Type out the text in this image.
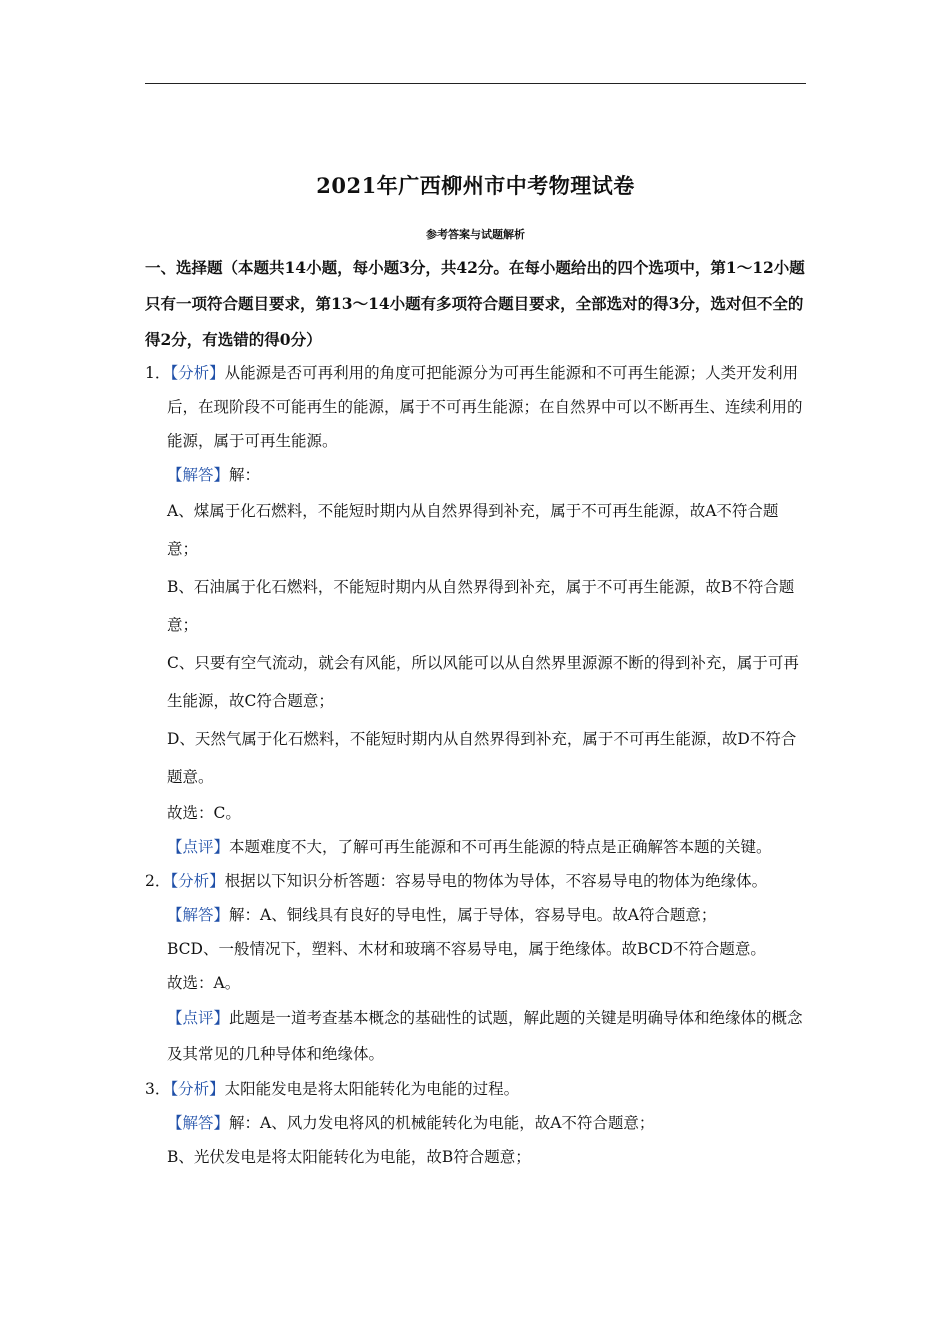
2021年广西柳州市中考物理试卷
参考答案与试题解析
一、选择题（本题共14小题，每小题3分，共42分。在每小题给出的四个选项中，第1～12小题只有一项符合题目要求，第13～14小题有多项符合题目要求，全部选对的得3分，选对但不全的得2分，有选错的得0分）
1．【分析】从能源是否可再利用的角度可把能源分为可再生能源和不可再生能源；人类开发利用后，在现阶段不可能再生的能源，属于不可再生能源；在自然界中可以不断再生、连续利用的能源，属于可再生能源。
【解答】解：
A、煤属于化石燃料，不能短时期内从自然界得到补充，属于不可再生能源，故A不符合题意；
B、石油属于化石燃料，不能短时期内从自然界得到补充，属于不可再生能源，故B不符合题意；
C、只要有空气流动，就会有风能，所以风能可以从自然界里源源不断的得到补充，属于可再生能源，故C符合题意；
D、天然气属于化石燃料，不能短时期内从自然界得到补充，属于不可再生能源，故D不符合题意。
故选：C。
【点评】本题难度不大，了解可再生能源和不可再生能源的特点是正确解答本题的关键。
2．【分析】根据以下知识分析答题：容易导电的物体为导体，不容易导电的物体为绝缘体。
【解答】解：A、铜线具有良好的导电性，属于导体，容易导电。故A符合题意；
BCD、一般情况下，塑料、木材和玻璃不容易导电，属于绝缘体。故BCD不符合题意。
故选：A。
【点评】此题是一道考查基本概念的基础性的试题，解此题的关键是明确导体和绝缘体的概念及其常见的几种导体和绝缘体。
3．【分析】太阳能发电是将太阳能转化为电能的过程。
【解答】解：A、风力发电将风的机械能转化为电能，故A不符合题意；
B、光伏发电是将太阳能转化为电能，故B符合题意；
